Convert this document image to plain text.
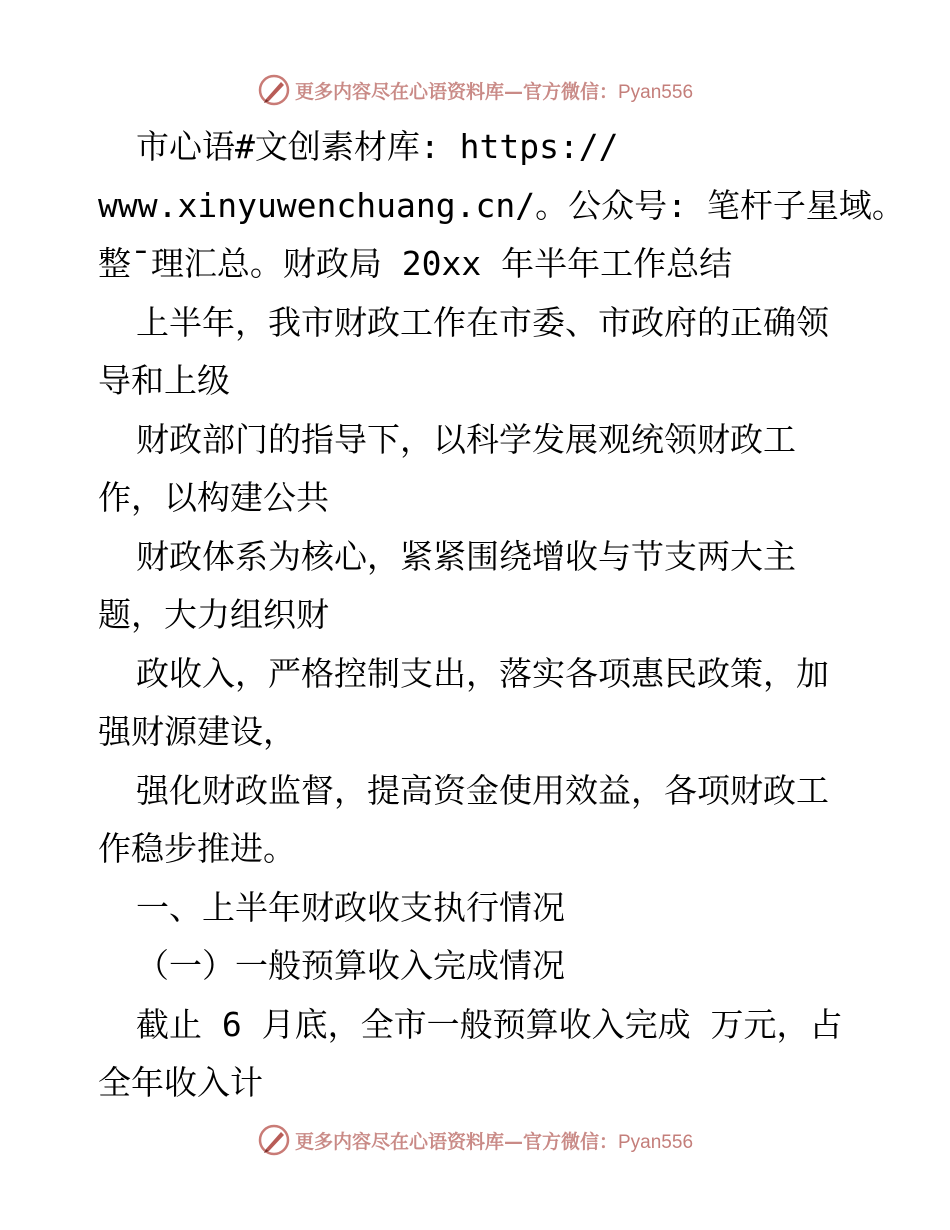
更多内容尽在心语资料库—官方微信：Pyan556
市心语#文创素材库: https://
www.xinyuwenchuang.cn/。公众号: 笔杆子星域。
整¯理汇总。财政局 20xx 年半年工作总结
上半年，我市财政工作在市委、市政府的正确领
导和上级
财政部门的指导下，以科学发展观统领财政工
作，以构建公共
财政体系为核心，紧紧围绕增收与节支两大主
题，大力组织财
政收入，严格控制支出，落实各项惠民政策，加
强财源建设，
强化财政监督，提高资金使用效益，各项财政工
作稳步推进。
一、上半年财政收支执行情况
（一）一般预算收入完成情况
截止 6 月底，全市一般预算收入完成 万元，占
全年收入计
更多内容尽在心语资料库—官方微信：Pyan556
